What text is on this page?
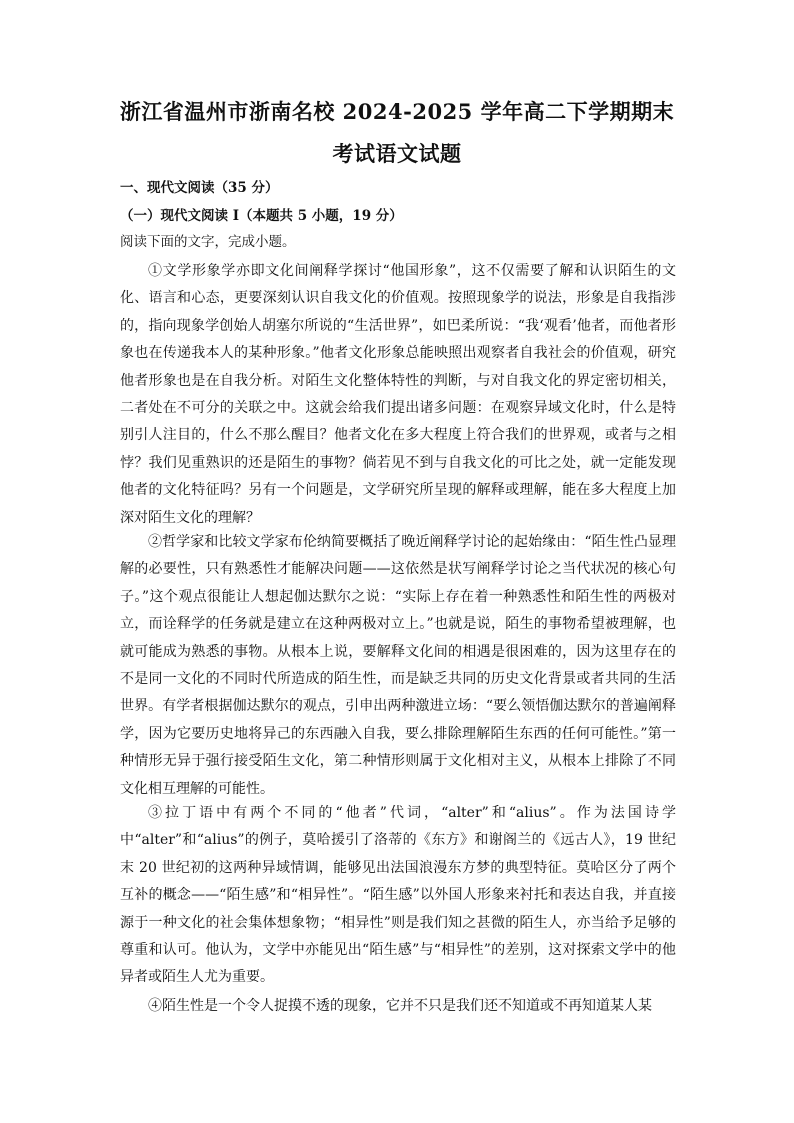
浙江省温州市浙南名校 2024-2025 学年高二下学期期末
考试语文试题
一、现代文阅读（35 分）
（一）现代文阅读 I（本题共 5 小题，19 分）
阅读下面的文字，完成小题。

①文学形象学亦即文化间阐释学探讨“他国形象”，这不仅需要了解和认识陌生的文化、语言和心态，更要深刻认识自我文化的价值观。按照现象学的说法，形象是自我指涉的，指向现象学创始人胡塞尔所说的“生活世界”，如巴柔所说：“我‘观看’他者，而他者形象也在传递我本人的某种形象。”他者文化形象总能映照出观察者自我社会的价值观，研究他者形象也是在自我分析。对陌生文化整体特性的判断，与对自我文化的界定密切相关，二者处在不可分的关联之中。这就会给我们提出诸多问题：在观察异域文化时，什么是特别引人注目的，什么不那么醒目？他者文化在多大程度上符合我们的世界观，或者与之相悖？我们见重熟识的还是陌生的事物？倘若见不到与自我文化的可比之处，就一定能发现他者的文化特征吗？另有一个问题是，文学研究所呈现的解释或理解，能在多大程度上加深对陌生文化的理解？

②哲学家和比较文学家布伦纳简要概括了晚近阐释学讨论的起始缘由：“陌生性凸显理解的必要性，只有熟悉性才能解决问题——这依然是状写阐释学讨论之当代状况的核心句子。”这个观点很能让人想起伽达默尔之说：“实际上存在着一种熟悉性和陌生性的两极对立，而诠释学的任务就是建立在这种两极对立上。”也就是说，陌生的事物希望被理解，也就可能成为熟悉的事物。从根本上说，要解释文化间的相遇是很困难的，因为这里存在的不是同一文化的不同时代所造成的陌生性，而是缺乏共同的历史文化背景或者共同的生活世界。有学者根据伽达默尔的观点，引申出两种激进立场：“要么领悟伽达默尔的普遍阐释学，因为它要历史地将异己的东西融入自我，要么排除理解陌生东西的任何可能性。”第一种情形无异于强行接受陌生文化，第二种情形则属于文化相对主义，从根本上排除了不同文化相互理解的可能性。

③拉丁语中有两个不同的“他者”代词，“alter”和“alius”。作为法国诗学中“alter”和“alius”的例子，莫哈援引了洛蒂的《东方》和谢阁兰的《远古人》，19 世纪末 20 世纪初的这两种异域情调，能够见出法国浪漫东方梦的典型特征。莫哈区分了两个互补的概念——“陌生感”和“相异性”。“陌生感”以外国人形象来衬托和表达自我，并直接源于一种文化的社会集体想象物；“相异性”则是我们知之甚微的陌生人，亦当给予足够的尊重和认可。他认为，文学中亦能见出“陌生感”与“相异性”的差别，这对探索文学中的他异者或陌生人尤为重要。

④陌生性是一个令人捉摸不透的现象，它并不只是我们还不知道或不再知道某人某
